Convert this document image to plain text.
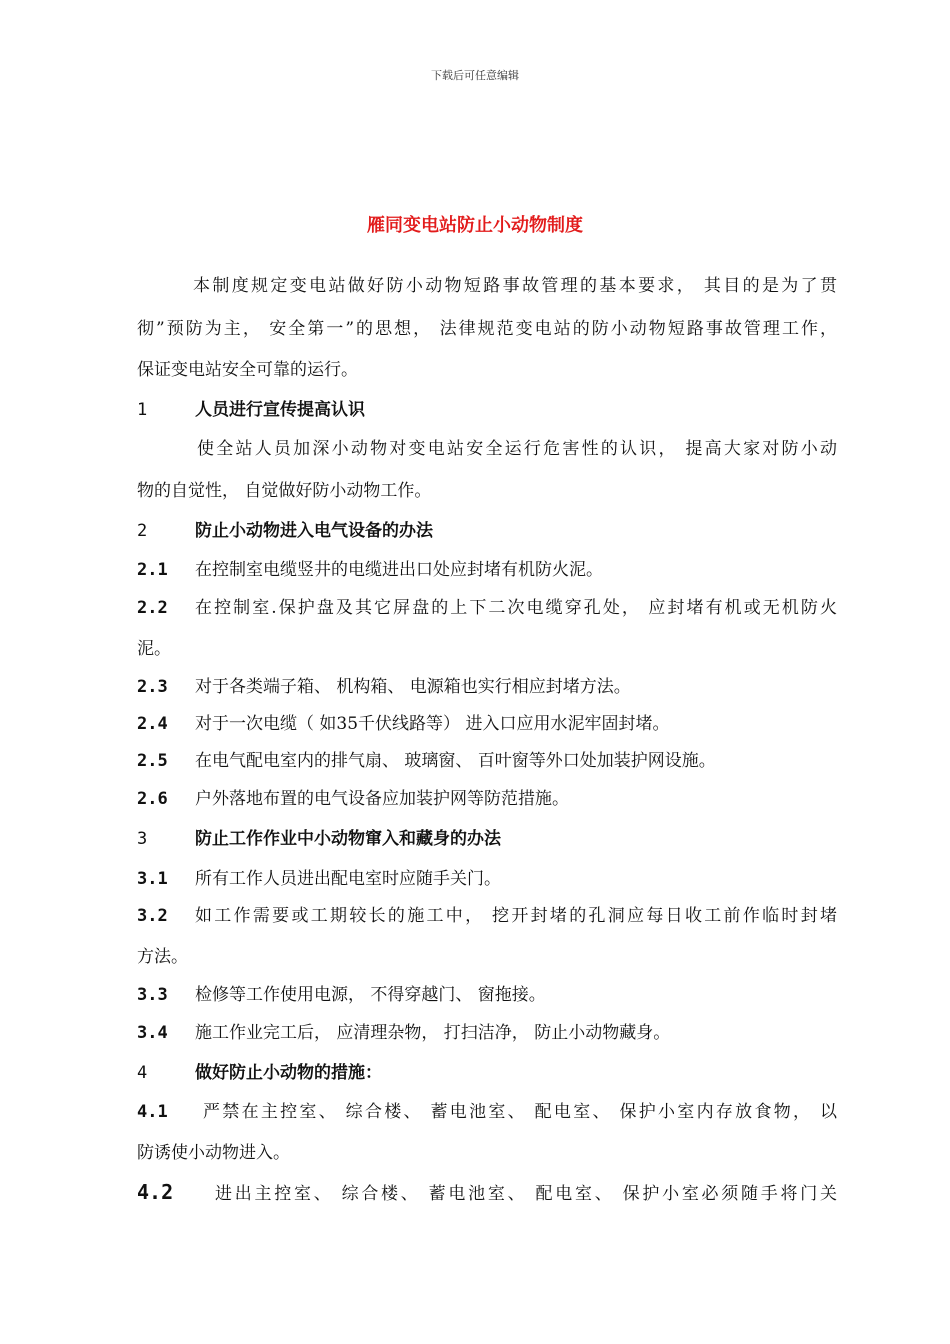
下载后可任意编辑
雁同变电站防止小动物制度
本制度规定变电站做好防小动物短路事故管理的基本要求， 其目的是为了贯
彻”预防为主， 安全第一”的思想， 法律规范变电站的防小动物短路事故管理工作，
保证变电站安全可靠的运行。
1	人员进行宣传提高认识
使全站人员加深小动物对变电站安全运行危害性的认识， 提高大家对防小动
物的自觉性， 自觉做好防小动物工作。
2	防止小动物进入电气设备的办法
2.1 在控制室电缆竖井的电缆进出口处应封堵有机防火泥。
2.2 在控制室.保护盘及其它屏盘的上下二次电缆穿孔处， 应封堵有机或无机防火
泥。
2.3 对于各类端子箱、 机构箱、 电源箱也实行相应封堵方法。
2.4 对于一次电缆（ 如35千伏线路等） 进入口应用水泥牢固封堵。
2.5 在电气配电室内的排气扇、 玻璃窗、 百叶窗等外口处加装护网设施。
2.6 户外落地布置的电气设备应加装护网等防范措施。
3	防止工作作业中小动物窜入和藏身的办法
3.1 所有工作人员进出配电室时应随手关门。
3.2 如工作需要或工期较长的施工中， 挖开封堵的孔洞应每日收工前作临时封堵
方法。
3.3 检修等工作使用电源， 不得穿越门、 窗拖接。
3.4 施工作业完工后， 应清理杂物， 打扫洁净， 防止小动物藏身。
4	做好防止小动物的措施：
4.1 严禁在主控室、 综合楼、 蓄电池室、 配电室、 保护小室内存放食物， 以
防诱使小动物进入。
4.2 进出主控室、 综合楼、 蓄电池室、 配电室、 保护小室必须随手将门关
